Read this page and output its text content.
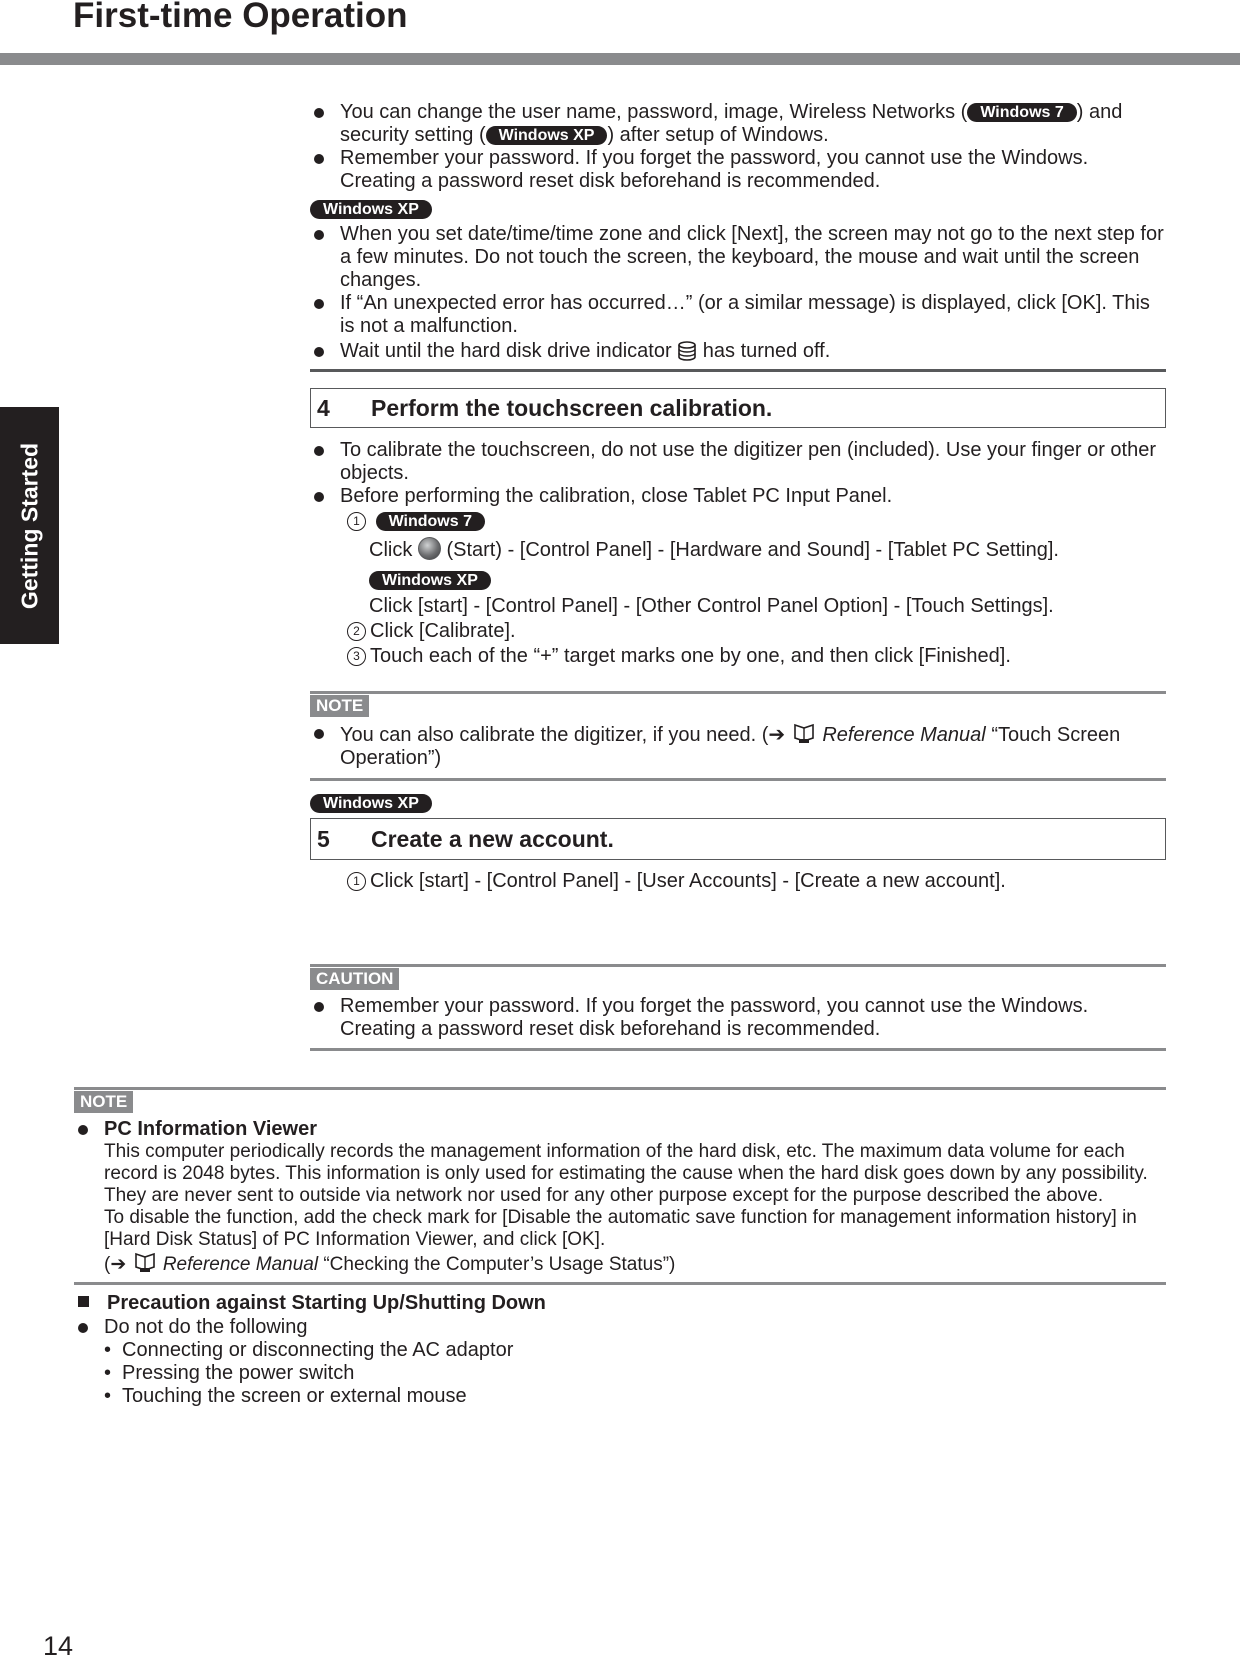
First-time Operation
Getting Started
You can change the user name, password, image, Wireless Networks ( Windows 7 ) and security setting ( Windows XP ) after setup of Windows.
Remember your password. If you forget the password, you cannot use the Windows. Creating a password reset disk beforehand is recommended.
Windows XP
When you set date/time/time zone and click [Next], the screen may not go to the next step for a few minutes. Do not touch the screen, the keyboard, the mouse and wait until the screen changes.
If “An unexpected error has occurred…” (or a similar message) is displayed, click [OK]. This is not a malfunction.
Wait until the hard disk drive indicator has turned off.
4	Perform the touchscreen calibration.
To calibrate the touchscreen, do not use the digitizer pen (included). Use your finger or other objects.
Before performing the calibration, close Tablet PC Input Panel.
1 Windows 7
Click (Start) - [Control Panel] - [Hardware and Sound] - [Tablet PC Setting].
Windows XP
Click [start] - [Control Panel] - [Other Control Panel Option] - [Touch Settings].
2 Click [Calibrate].
3 Touch each of the “+” target marks one by one, and then click [Finished].
NOTE
You can also calibrate the digitizer, if you need. (➔ Reference Manual “Touch Screen Operation”)
Windows XP
5	Create a new account.
1 Click [start] - [Control Panel] - [User Accounts] - [Create a new account].
CAUTION
Remember your password. If you forget the password, you cannot use the Windows. Creating a password reset disk beforehand is recommended.
NOTE
PC Information Viewer
This computer periodically records the management information of the hard disk, etc. The maximum data volume for each record is 2048 bytes. This information is only used for estimating the cause when the hard disk goes down by any possibility. They are never sent to outside via network nor used for any other purpose except for the purpose described the above.
To disable the function, add the check mark for [Disable the automatic save function for management information history] in [Hard Disk Status] of PC Information Viewer, and click [OK].
(➔ Reference Manual “Checking the Computer’s Usage Status”)
Precaution against Starting Up/Shutting Down
Do not do the following
• Connecting or disconnecting the AC adaptor
• Pressing the power switch
• Touching the screen or external mouse
14
